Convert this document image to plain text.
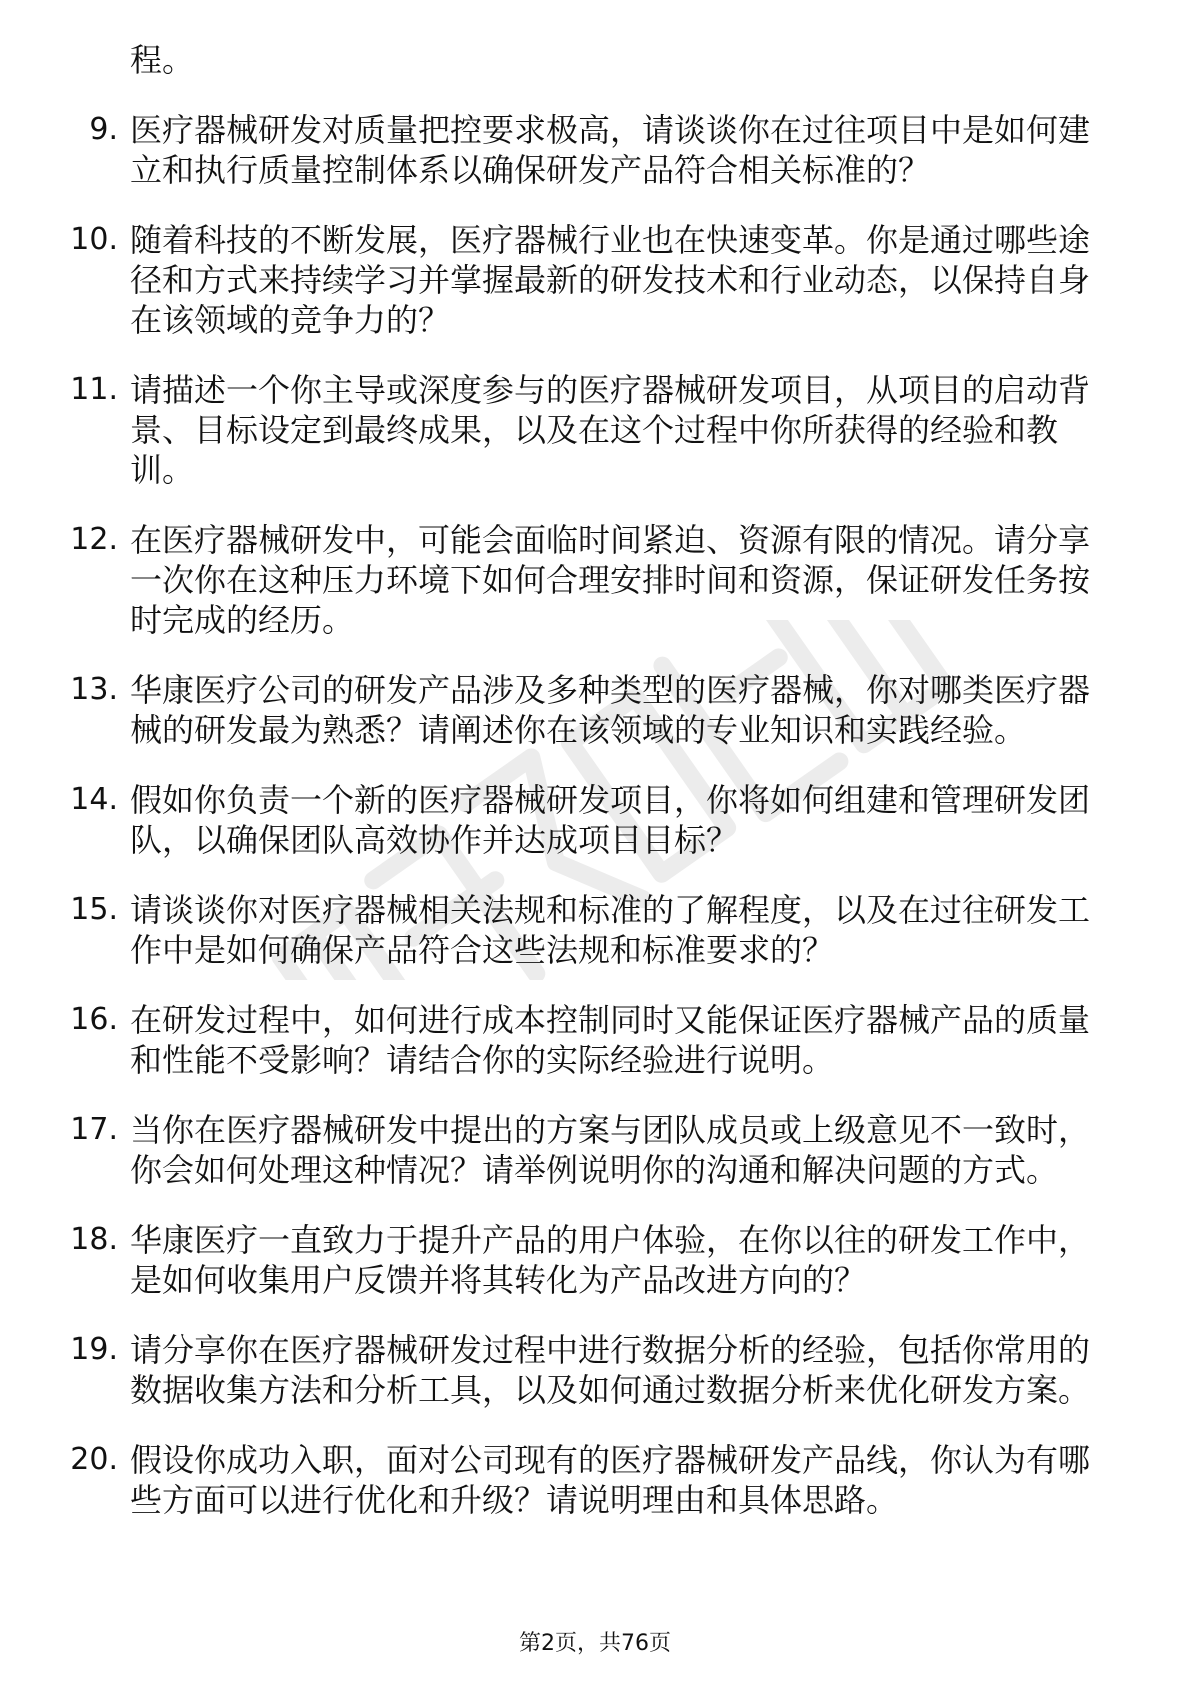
程。
9. 医疗器械研发对质量把控要求极高，请谈谈你在过往项目中是如何建立和执行质量控制体系以确保研发产品符合相关标准的？
10. 随着科技的不断发展，医疗器械行业也在快速变革。你是通过哪些途径和方式来持续学习并掌握最新的研发技术和行业动态，以保持自身在该领域的竞争力的？
11. 请描述一个你主导或深度参与的医疗器械研发项目，从项目的启动背景、目标设定到最终成果，以及在这个过程中你所获得的经验和教训。
12. 在医疗器械研发中，可能会面临时间紧迫、资源有限的情况。请分享一次你在这种压力环境下如何合理安排时间和资源，保证研发任务按时完成的经历。
13. 华康医疗公司的研发产品涉及多种类型的医疗器械，你对哪类医疗器械的研发最为熟悉？请阐述你在该领域的专业知识和实践经验。
14. 假如你负责一个新的医疗器械研发项目，你将如何组建和管理研发团队，以确保团队高效协作并达成项目目标？
15. 请谈谈你对医疗器械相关法规和标准的了解程度，以及在过往研发工作中是如何确保产品符合这些法规和标准要求的？
16. 在研发过程中，如何进行成本控制同时又能保证医疗器械产品的质量和性能不受影响？请结合你的实际经验进行说明。
17. 当你在医疗器械研发中提出的方案与团队成员或上级意见不一致时，你会如何处理这种情况？请举例说明你的沟通和解决问题的方式。
18. 华康医疗一直致力于提升产品的用户体验，在你以往的研发工作中，是如何收集用户反馈并将其转化为产品改进方向的？
19. 请分享你在医疗器械研发过程中进行数据分析的经验，包括你常用的数据收集方法和分析工具，以及如何通过数据分析来优化研发方案。
20. 假设你成功入职，面对公司现有的医疗器械研发产品线，你认为有哪些方面可以进行优化和升级？请说明理由和具体思路。
第2页，共76页
